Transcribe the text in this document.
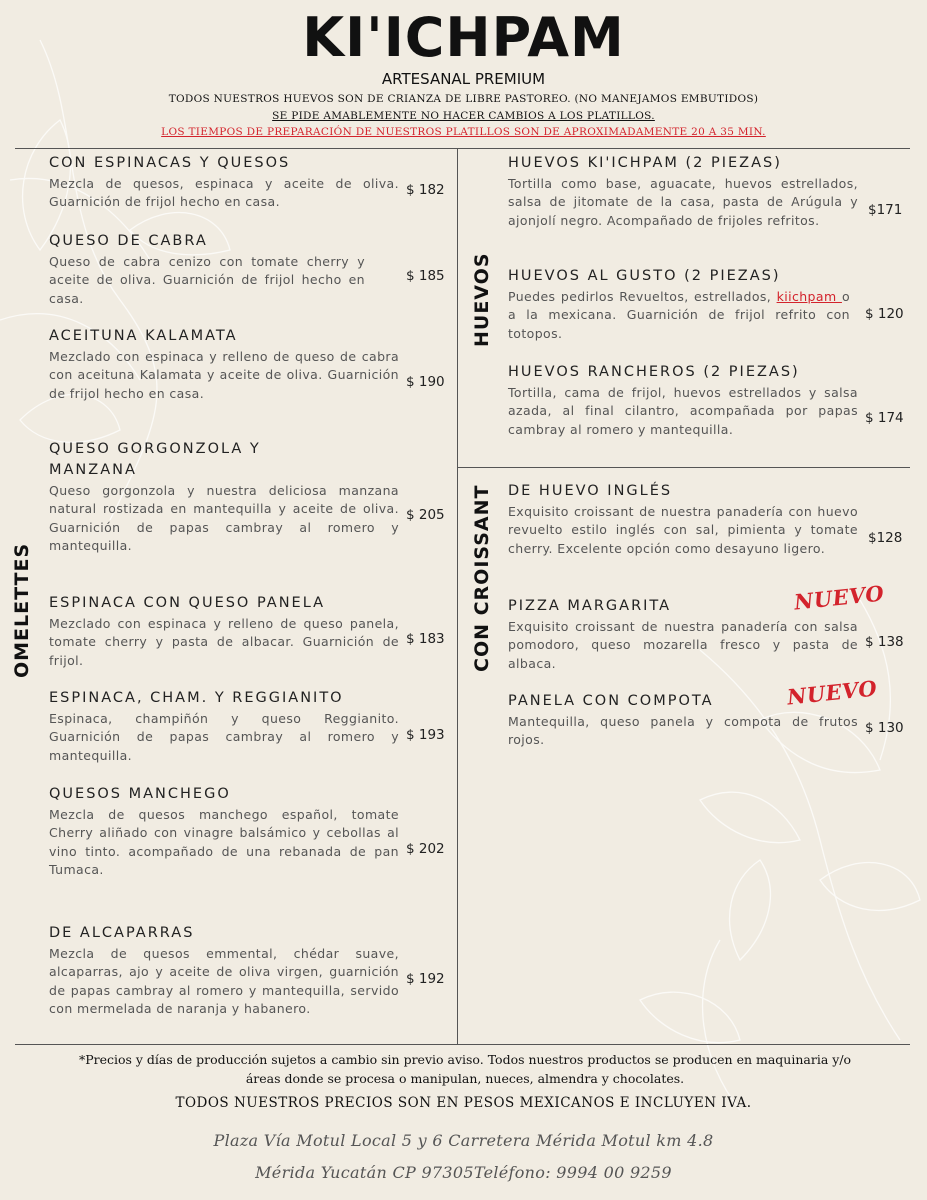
KI'ICHPAM
ARTESANAL PREMIUM
TODOS NUESTROS HUEVOS SON DE CRIANZA DE LIBRE PASTOREO. (NO MANEJAMOS EMBUTIDOS)
SE PIDE AMABLEMENTE NO HACER CAMBIOS A LOS PLATILLOS.
LOS TIEMPOS DE PREPARACIÓN DE NUESTROS PLATILLOS SON DE APROXIMADAMENTE 20 A 35 MIN.
OMELETTES
HUEVOS
CON CROISSANT
CON ESPINACAS Y QUESOS
Mezcla de quesos, espinaca y aceite de oliva. Guarnición de frijol hecho en casa.
$ 182
QUESO DE CABRA
Queso de cabra cenizo con tomate cherry y aceite de oliva. Guarnición de frijol hecho en casa.
$ 185
ACEITUNA KALAMATA
Mezclado con espinaca y relleno de queso de cabra con aceituna Kalamata y aceite de oliva. Guarnición de frijol hecho en casa.
$ 190
QUESO GORGONZOLA Y
MANZANA
Queso gorgonzola y nuestra deliciosa manzana natural rostizada en mantequilla y aceite de oliva. Guarnición de papas cambray al romero y mantequilla.
$ 205
ESPINACA CON QUESO PANELA
Mezclado con espinaca y relleno de queso panela, tomate cherry y pasta de albacar. Guarnición de frijol.
$ 183
ESPINACA, CHAM. Y REGGIANITO
Espinaca, champiñón y queso Reggianito. Guarnición de papas cambray al romero y mantequilla.
$ 193
QUESOS MANCHEGO
Mezcla de quesos manchego español, tomate Cherry aliñado con vinagre balsámico y cebollas al vino tinto. acompañado de una rebanada de pan Tumaca.
$ 202
DE ALCAPARRAS
Mezcla de quesos emmental, chédar suave, alcaparras, ajo y aceite de oliva virgen, guarnición de papas cambray al romero y mantequilla, servido con mermelada de naranja y habanero.
$ 192
HUEVOS KI'ICHPAM (2 PIEZAS)
Tortilla como base, aguacate, huevos estrellados, salsa de jitomate de la casa, pasta de Arúgula y ajonjolí negro. Acompañado de frijoles refritos.
$171
HUEVOS AL GUSTO (2 PIEZAS)
Puedes pedirlos Revueltos, estrellados, kiichpam o a la mexicana. Guarnición de frijol refrito con totopos.
$ 120
HUEVOS RANCHEROS (2 PIEZAS)
Tortilla, cama de frijol, huevos estrellados y salsa azada, al final cilantro, acompañada por papas cambray al romero y mantequilla.
$ 174
DE HUEVO INGLÉS
Exquisito croissant de nuestra panadería con huevo revuelto estilo inglés con sal, pimienta y tomate cherry. Excelente opción como desayuno ligero.
$128
PIZZA MARGARITA
Exquisito croissant de nuestra panadería con salsa pomodoro, queso mozarella fresco y pasta de albaca.
NUEVO
$ 138
PANELA CON COMPOTA
Mantequilla, queso panela y compota de frutos rojos.
NUEVO
$ 130
*Precios y días de producción sujetos a cambio sin previo aviso. Todos nuestros productos se producen en maquinaria y/o áreas donde se procesa o manipulan, nueces, almendra y chocolates.
TODOS NUESTROS PRECIOS SON EN PESOS MEXICANOS E INCLUYEN IVA.
Plaza Vía Motul Local 5 y 6 Carretera Mérida Motul km 4.8
Mérida Yucatán CP 97305Teléfono: 9994 00 9259
